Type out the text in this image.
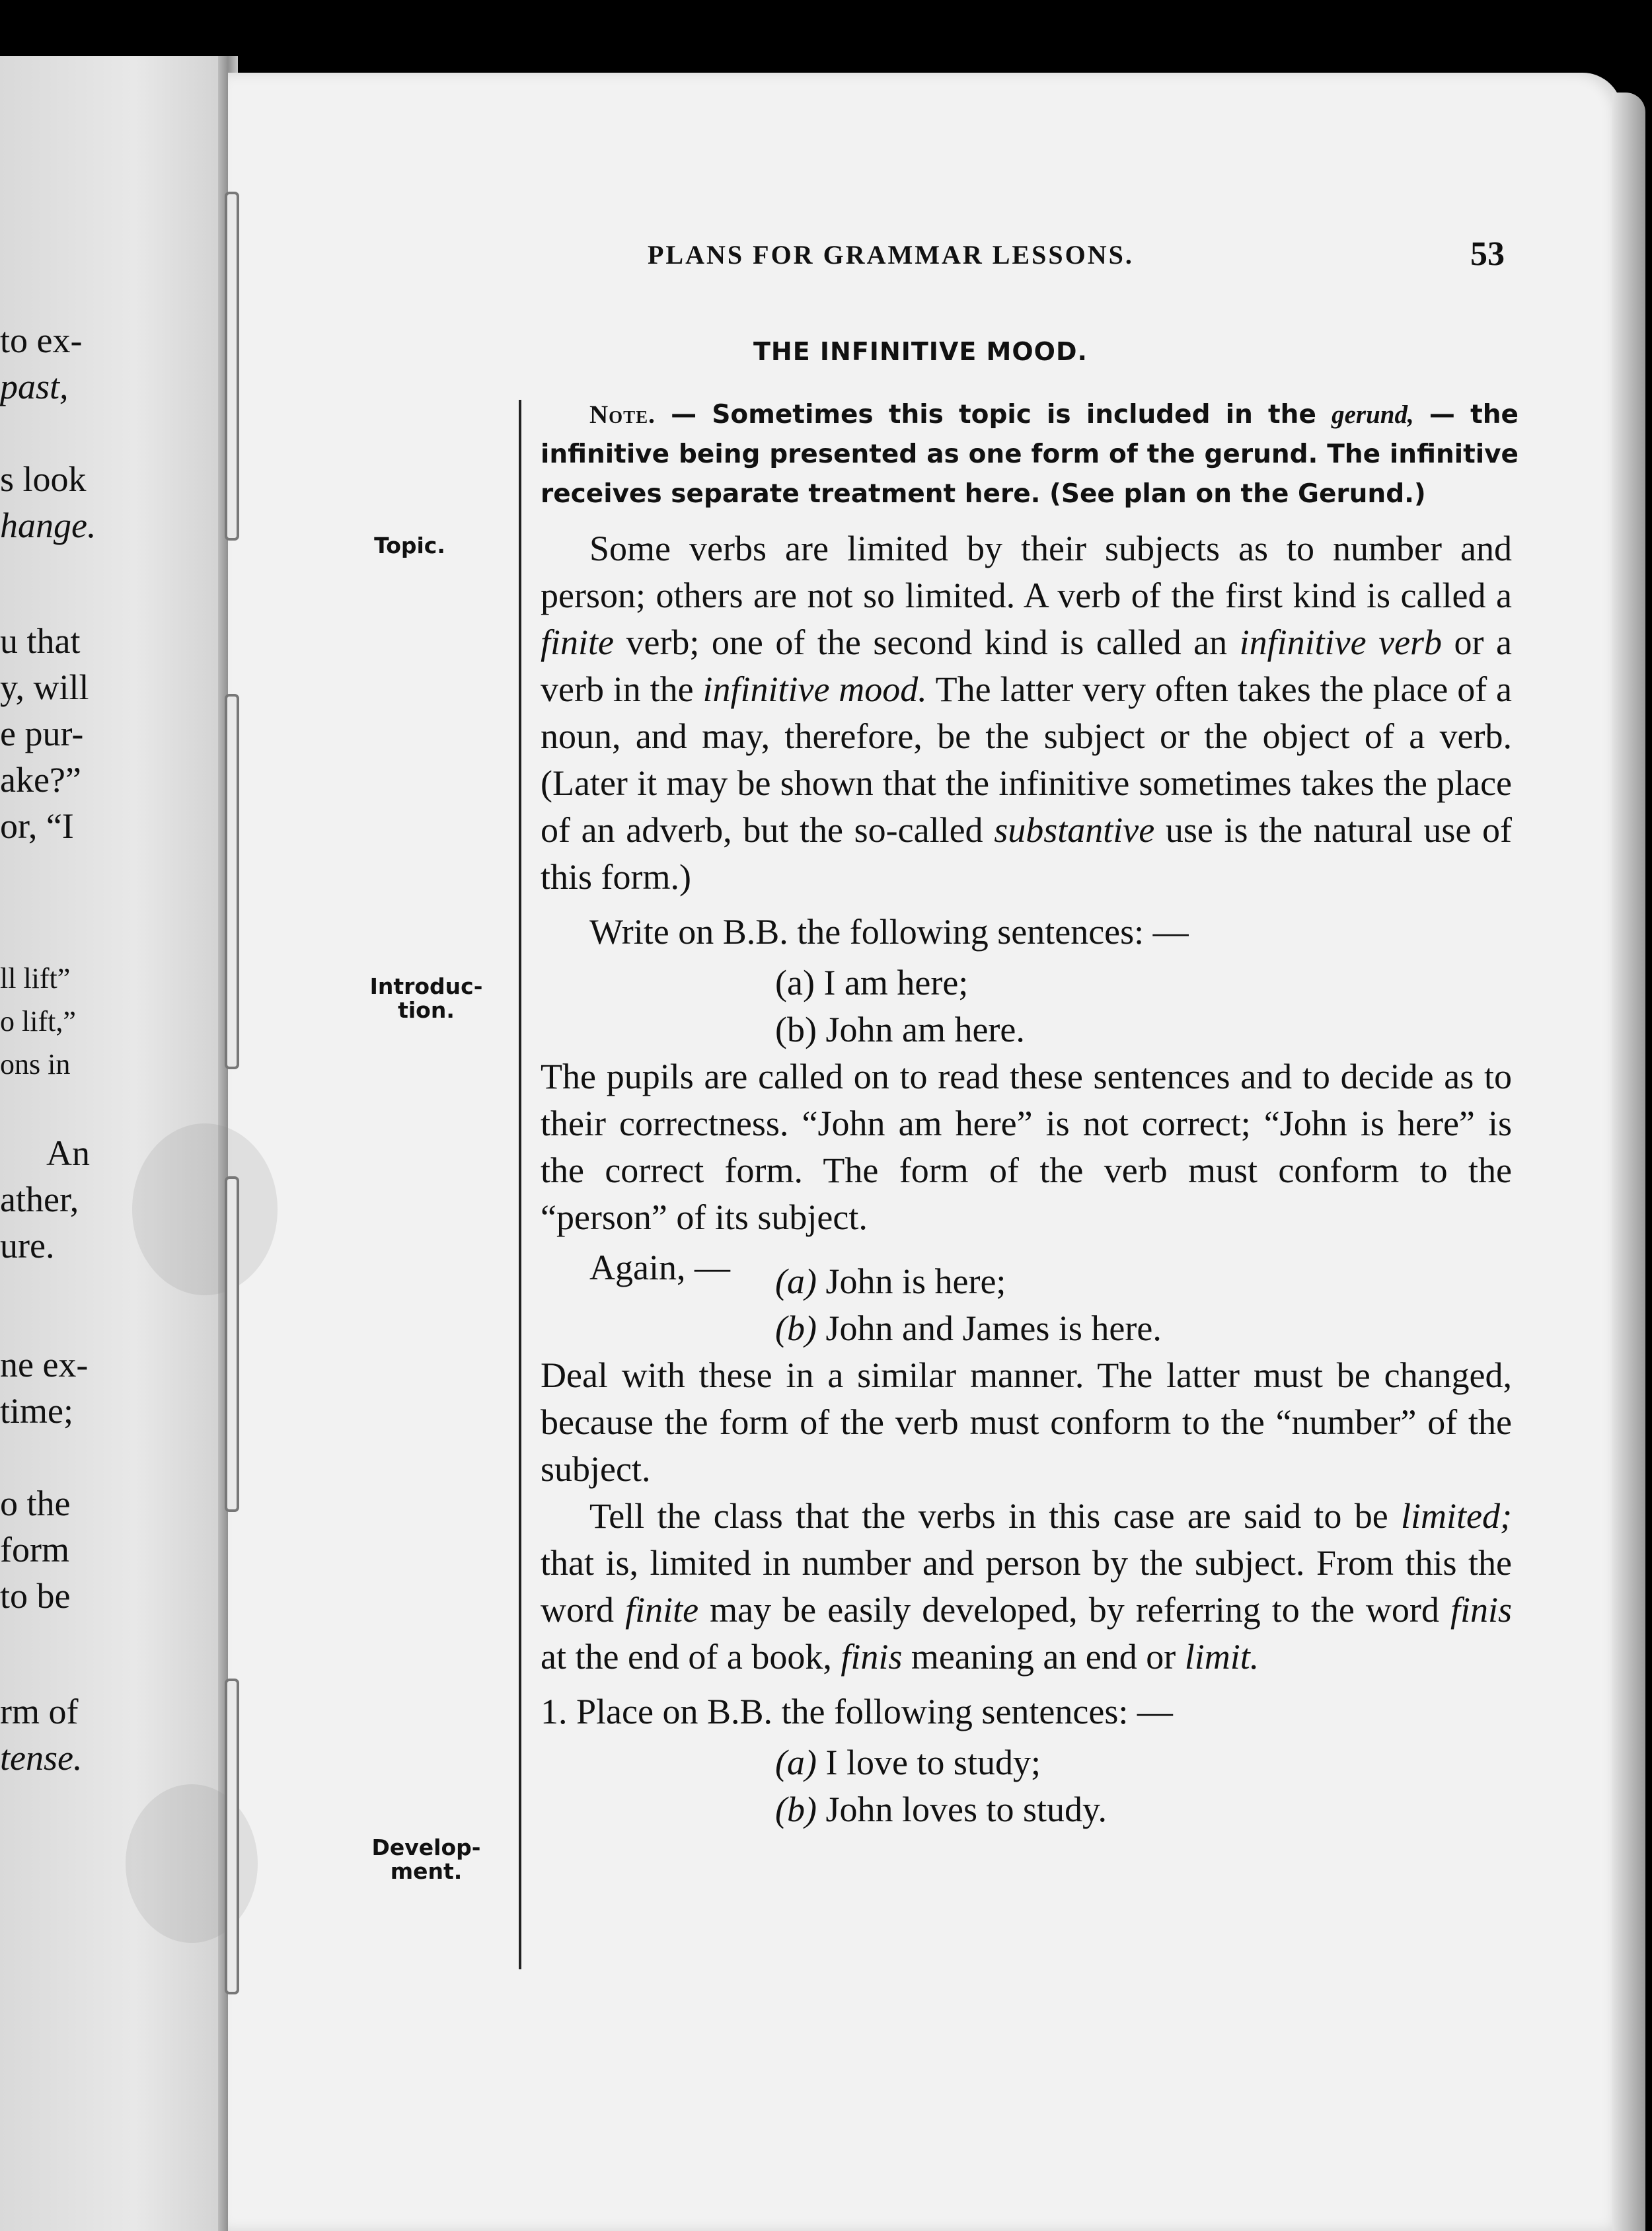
to ex-
past,
s look
hange.
u that
y, will
e pur-
ake?”
or, “I
ll lift”
o lift,”
ons in
An
ather,
ure.
ne ex-
time;
o the
form
to be
rm of
tense.
PLANS FOR GRAMMAR LESSONS.	53
THE INFINITIVE MOOD.
Topic.
Introduc-
tion.
Develop-
ment.
Note. — Sometimes this topic is included in the gerund, — the infinitive being presented as one form of the gerund. The infinitive receives separate treatment here. (See plan on the Gerund.)

Some verbs are limited by their subjects as to number and person; others are not so limited. A verb of the first kind is called a finite verb; one of the second kind is called an infinitive verb or a verb in the infinitive mood. The latter very often takes the place of a noun, and may, therefore, be the subject or the object of a verb. (Later it may be shown that the infinitive sometimes takes the place of an adverb, but the so-called substantive use is the natural use of this form.)

Write on B.B. the following sentences: —

(a) I am here;
(b) John am here.

The pupils are called on to read these sentences and to decide as to their correctness. “John am here” is not correct; “John is here” is the correct form. The form of the verb must conform to the “person” of its subject.

Again, —	(a) John is here;
(b) John and James is here.

Deal with these in a similar manner. The latter must be changed, because the form of the verb must conform to the “number” of the subject.

Tell the class that the verbs in this case are said to be limited; that is, limited in number and person by the subject. From this the word finite may be easily developed, by referring to the word finis at the end of a book, finis meaning an end or limit.

1. Place on B.B. the following sentences: —

(a) I love to study;
(b) John loves to study.
